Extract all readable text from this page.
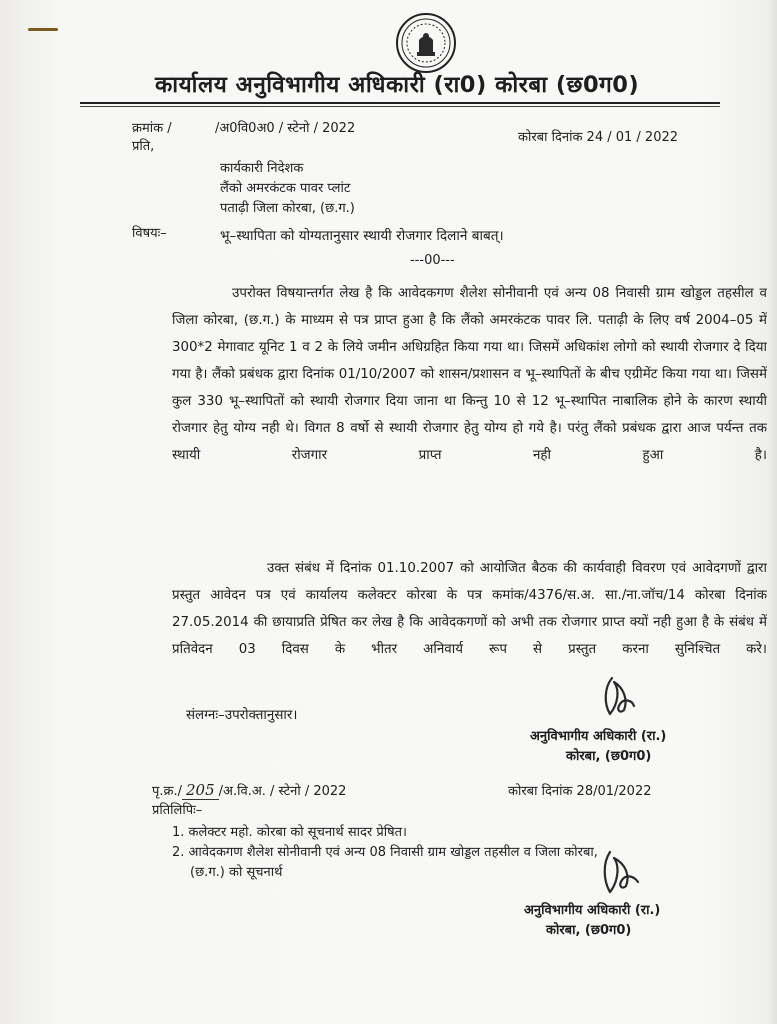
कार्यालय अनुविभागीय अधिकारी (रा0) कोरबा (छ0ग0)
क्रमांक /	/अ0वि0अ0 / स्टेनो / 2022
कोरबा दिनांक 24 / 01 / 2022
प्रति,
कार्यकारी निदेशक
लैंको अमरकंटक पावर प्लांट
पताढ़ी जिला कोरबा, (छ.ग.)
विषयः–	भू–स्थापिता को योग्यतानुसार स्थायी रोजगार दिलाने बाबत्।
---00---
उपरोक्त विषयान्तर्गत लेख है कि आवेदकगण शैलेश सोनीवानी एवं अन्य 08 निवासी ग्राम खोड्डल तहसील व जिला कोरबा, (छ.ग.) के माध्यम से पत्र प्राप्त हुआ है कि लैंको अमरकंटक पावर लि. पताढ़ी के लिए वर्ष 2004–05 में 300*2 मेगावाट यूनिट 1 व 2 के लिये जमीन अधिग्रहित किया गया था। जिसमें अधिकांश लोगो को स्थायी रोजगार दे दिया गया है। लैंको प्रबंधक द्वारा दिनांक 01/10/2007 को शासन/प्रशासन व भू–स्थापितों के बीच एग्रीमेंट किया गया था। जिसमें कुल 330 भू–स्थापितों को स्थायी रोजगार दिया जाना था किन्तु 10 से 12 भू–स्थापित नाबालिक होने के कारण स्थायी रोजगार हेतु योग्य नही थे। विगत 8 वर्षो से स्थायी रोजगार हेतु योग्य हो गये है। परंतु लैंको प्रबंधक द्वारा आज पर्यन्त तक स्थायी रोजगार प्राप्त नही हुआ है।
उक्त संबंध में दिनांक 01.10.2007 को आयोजित बैठक की कार्यवाही विवरण एवं आवेदगणों द्वारा प्रस्तुत आवेदन पत्र एवं कार्यालय कलेक्टर कोरबा के पत्र कमांक/4376/स.अ. सा./ना.जॉच/14 कोरबा दिनांक 27.05.2014 की छायाप्रति प्रेषित कर लेख है कि आवेदकगणों को अभी तक रोजगार प्राप्त क्यों नही हुआ है के संबंध में प्रतिवेदन 03 दिवस के भीतर अनिवार्य रूप से प्रस्तुत करना सुनिश्चित करे।
संलग्नः–उपरोक्तानुसार।
अनुविभागीय अधिकारी (रा.)
कोरबा, (छ0ग0)
पृ.क्र./ 205 /अ.वि.अ. / स्टेनो / 2022	कोरबा दिनांक 28/01/2022
प्रतिलिपिः–
1. कलेक्टर महो. कोरबा को सूचनार्थ सादर प्रेषित।
2. आवेदकगण शैलेश सोनीवानी एवं अन्य 08 निवासी ग्राम खोड्डल तहसील व जिला कोरबा,
(छ.ग.) को सूचनार्थ
अनुविभागीय अधिकारी (रा.)
कोरबा, (छ0ग0)
